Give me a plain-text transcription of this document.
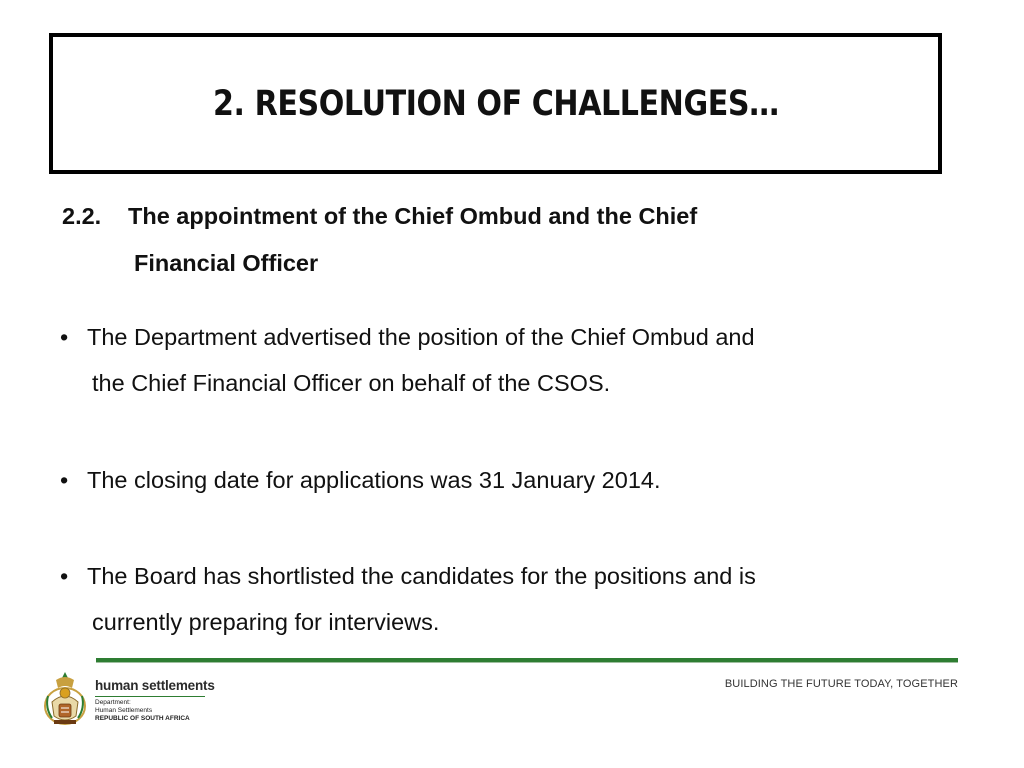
2. RESOLUTION OF CHALLENGES…
2.2. The appointment of the Chief Ombud and the Chief
Financial Officer
• The Department advertised the position of the Chief Ombud and
the Chief Financial Officer on behalf of the CSOS.
• The closing date for applications was 31 January 2014.
• The Board has shortlisted the candidates for the positions and is
currently preparing for interviews.
BUILDING THE FUTURE TODAY, TOGETHER
human settlements
Department:
Human Settlements
REPUBLIC OF SOUTH AFRICA
